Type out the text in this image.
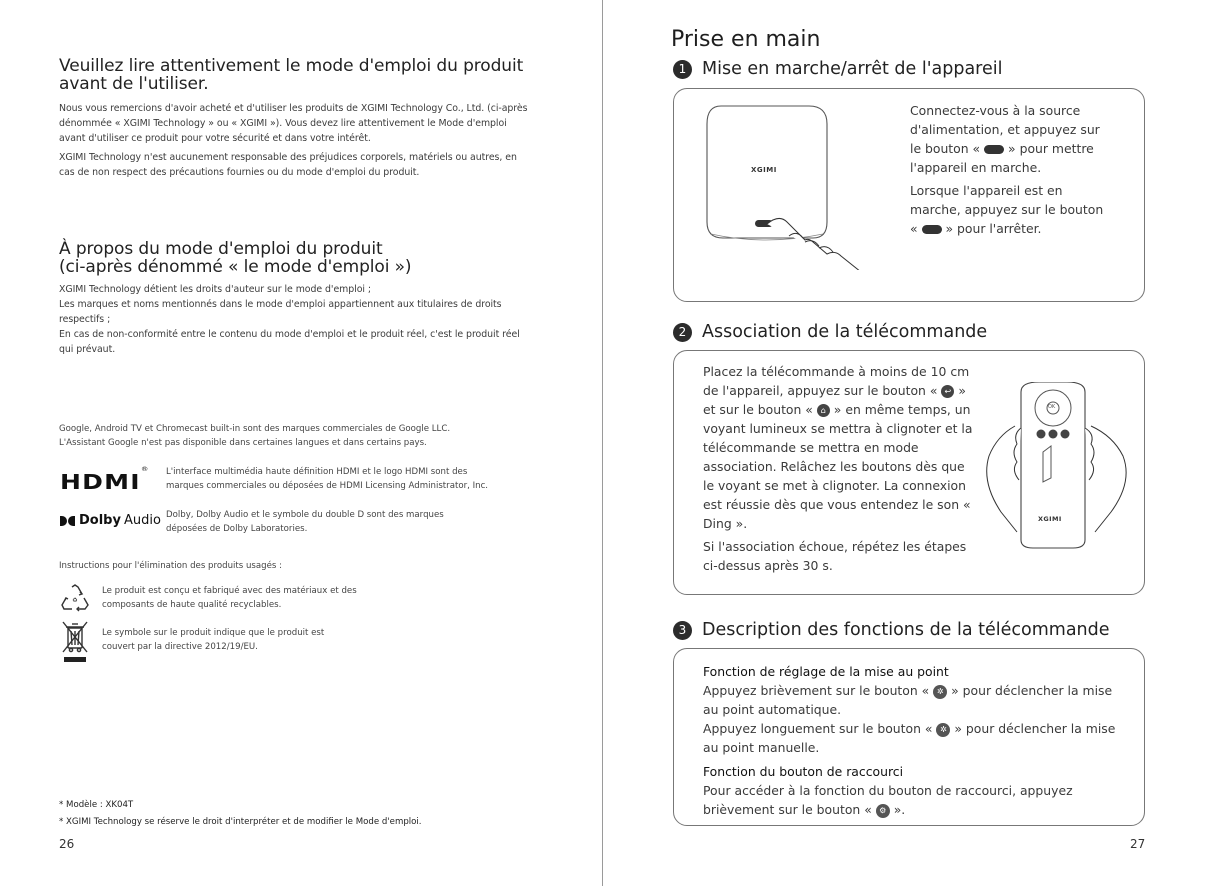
Veuillez lire attentivement le mode d'emploi du produit
avant de l'utiliser.

Nous vous remercions d'avoir acheté et d'utiliser les produits de XGIMI Technology Co., Ltd. (ci-après dénommée « XGIMI Technology » ou « XGIMI »). Vous devez lire attentivement le Mode d'emploi avant d'utiliser ce produit pour votre sécurité et dans votre intérêt.

XGIMI Technology n'est aucunement responsable des préjudices corporels, matériels ou autres, en cas de non respect des précautions fournies ou du mode d'emploi du produit.

À propos du mode d'emploi du produit
(ci-après dénommé « le mode d'emploi »)

XGIMI Technology détient les droits d'auteur sur le mode d'emploi ;

Les marques et noms mentionnés dans le mode d'emploi appartiennent aux titulaires de droits respectifs ;

En cas de non-conformité entre le contenu du mode d'emploi et le produit réel, c'est le produit réel qui prévaut.

Google, Android TV et Chromecast built-in sont des marques commerciales de Google LLC.

L'Assistant Google n'est pas disponible dans certaines langues et dans certains pays.

HDMI® L'interface multimédia haute définition HDMI et le logo HDMI sont des marques commerciales ou déposées de HDMI Licensing Administrator, Inc.
Dolby Audio Dolby, Dolby Audio et le symbole du double D sont des marques déposées de Dolby Laboratories.
Instructions pour l'élimination des produits usagés :
♻
Le produit est conçu et fabriqué avec des matériaux et des composants de haute qualité recyclables.
Le symbole sur le produit indique que le produit est couvert par la directive 2012/19/EU.
* Modèle : XK04T
* XGIMI Technology se réserve le droit d'interpréter et de modifier le Mode d'emploi.
26
Prise en main
1 Mise en marche/arrêt de l'appareil
XGIMI

Connectez-vous à la source d'alimentation, et appuyez sur le bouton « » pour mettre l'appareil en marche.

Lorsque l'appareil est en marche, appuyez sur le bouton « » pour l'arrêter.

2 Association de la télécommande

Placez la télécommande à moins de 10 cm de l'appareil, appuyez sur le bouton « ↩ » et sur le bouton « ⌂ » en même temps, un voyant lumineux se mettra à clignoter et la télécommande se mettra en mode association. Relâchez les boutons dès que le voyant se met à clignoter. La connexion est réussie dès que vous entendez le son « Ding ».

Si l'association échoue, répétez les étapes ci-dessus après 30 s.

OK
XGIMI
3 Description des fonctions de la télécommande
Fonction de réglage de la mise au point
Appuyez brièvement sur le bouton « ✲ » pour déclencher la mise au point automatique.
Appuyez longuement sur le bouton « ✲ » pour déclencher la mise au point manuelle.
Fonction du bouton de raccourci
Pour accéder à la fonction du bouton de raccourci, appuyez brièvement sur le bouton « ⚙ ».
27
